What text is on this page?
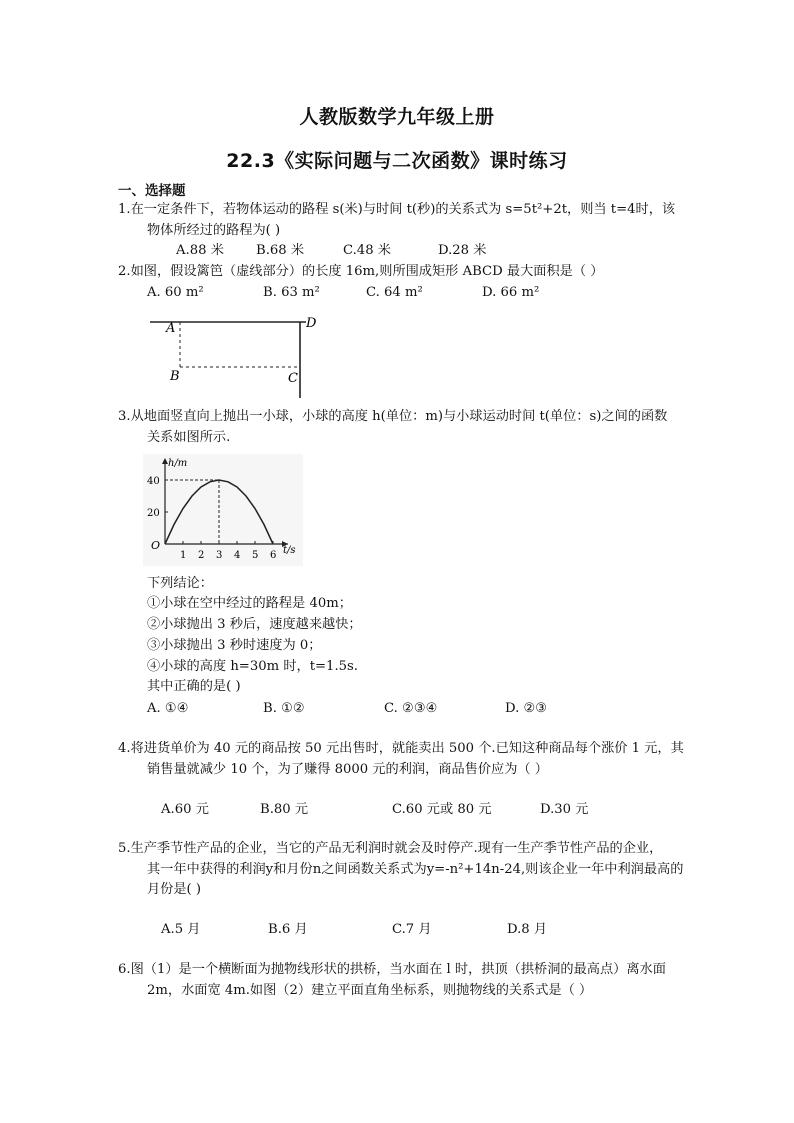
人教版数学九年级上册
22.3《实际问题与二次函数》课时练习
一、选择题
1.在一定条件下，若物体运动的路程 s(米)与时间 t(秒)的关系式为 s=5t²+2t，则当 t=4时，该
物体所经过的路程为( )
A.88 米 B.68 米	C.48 米	D.28 米
2.如图，假设篱笆（虚线部分）的长度 16m,则所围成矩形 ABCD 最大面积是（ ）
A. 60 m²	B. 63 m²	C. 64 m²	D. 66 m²
A	D
B	C
3.从地面竖直向上抛出一小球，小球的高度 h(单位：m)与小球运动时间 t(单位：s)之间的函数
关系如图所示.
h/m
t/s
O
1 2 3 4 5 6
20
40
下列结论：
①小球在空中经过的路程是 40m；
②小球抛出 3 秒后，速度越来越快；
③小球抛出 3 秒时速度为 0；
④小球的高度 h=30m 时，t=1.5s.
其中正确的是( )
A. ①④	B. ①②	C. ②③④	D. ②③
4.将进货单价为 40 元的商品按 50 元出售时，就能卖出 500 个.已知这种商品每个涨价 1 元，其
销售量就减少 10 个，为了赚得 8000 元的利润，商品售价应为（ ）
A.60 元	B.80 元	C.60 元或 80 元	D.30 元
5.生产季节性产品的企业，当它的产品无利润时就会及时停产.现有一生产季节性产品的企业，
其一年中获得的利润y和月份n之间函数关系式为y=-n²+14n-24,则该企业一年中利润最高的
月份是( )
A.5 月	B.6 月	C.7 月	D.8 月
6.图（1）是一个横断面为抛物线形状的拱桥，当水面在 l 时，拱顶（拱桥洞的最高点）离水面
2m，水面宽 4m.如图（2）建立平面直角坐标系，则抛物线的关系式是（ ）
